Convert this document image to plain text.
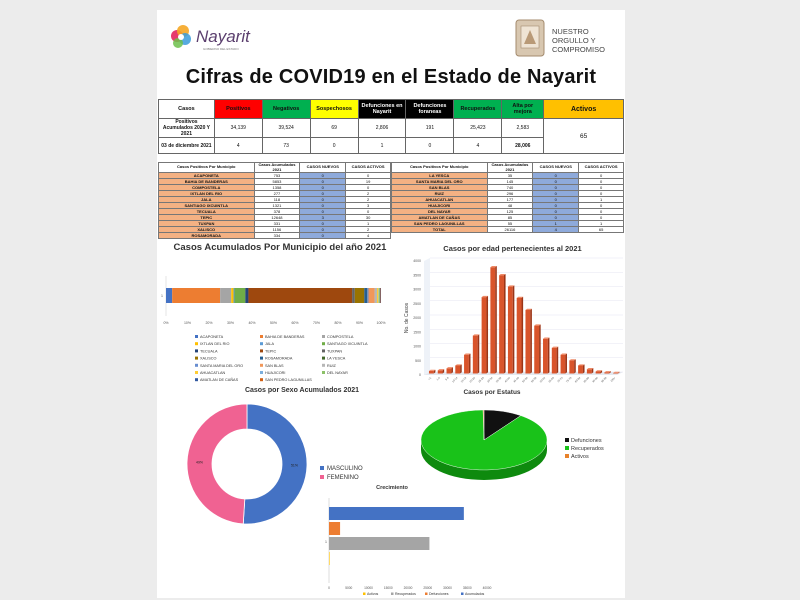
Nayarit
GOBIERNO DEL ESTADO
NUESTRO
ORGULLO Y
COMPROMISO
Cifras de COVID19 en el Estado de Nayarit
Casos	Positivos	Negativos	Sospechosos	Defunciones en Nayarit	Defunciones foraneas	Recuperados	Alta por mejora	Activos
Positivos Acumulados 2020 Y 2021	34,139	39,524	69	2,806	191	25,423	2,583	65
03 de diciembre 2021	4	73	0	1	0	4	28,006	
Casos Positivos Por Municipio	Casos Acumulados 2021	CASOS NUEVOS	CASOS ACTIVOS
ACAPONETA	753	0	0
BAHIA DE BANDERAS	5853	0	19
COMPOSTELA	1358	0	0
IXTLAN DEL RIO	277	0	2
JALA	118	0	2
SANTIAGO IXCUINTLA	1321	0	3
TECUALA	378	0	0
TEPIC	12648	3	30
TUXPAN	331	0	1
XALISCO	1156	0	2
ROSAMORADA	334	0	4
Casos Positivos Por Municipio	Casos Acumulados 2021	CASOS NUEVOS	CASOS ACTIVOS
LA YESCA	35	0	0
SANTA MARIA DEL ORO	145	0	0
SAN BLAS	740	0	0
RUIZ	296	0	0
AHUACATLAN	177	0	1
HUAJICORI	48	0	0
DEL NAYAR	125	0	0
AMATLAN DE CAÑAS	85	0	0
SAN PEDRO LAGUNILLAS	55	1	1
TOTAL	26116	4	65
Casos Acumulados Por Municipio del año 2021
1
0%	10%	20%	30%	40%	50%	60%	70%	80%	90%	100%
ACAPONETA	BAHIA DE BANDERAS	COMPOSTELA
IXTLAN DEL RIO	JALA	SANTIAGO IXCUINTLA
TECUALA	TEPIC	TUXPAN
XALISCO	ROSAMORADA	LA YESCA
SANTA MARIA DEL ORO	SAN BLAS	RUIZ
AHUACATLAN	HUAJICORI	DEL NAYAR
AMATLAN DE CAÑAS	SAN PEDRO LAGUNILLAS
Casos por edad pertenecientes al 2021
0
500
1000
1500
2000
2500
3000
3500
4000
No. de Casos
<1 1-4 5-9 10-14 15-19 20-24 25-29 30-34 35-39 40-44 45-49 50-54 55-59 60-64 65-69 70-74 75-79 80-84 85-89 90-94 95-99 100+
Casos por Sexo Acumulados 2021
51%
49%
MASCULINO
FEMENINO
Casos por Estatus
Defunciones
Recuperados
Activos
Crecimiento
0	5000	10000	15000	20000	25000	30000	35000	40000
1
Activos	Recuperados	Defunciones	Acumulados
